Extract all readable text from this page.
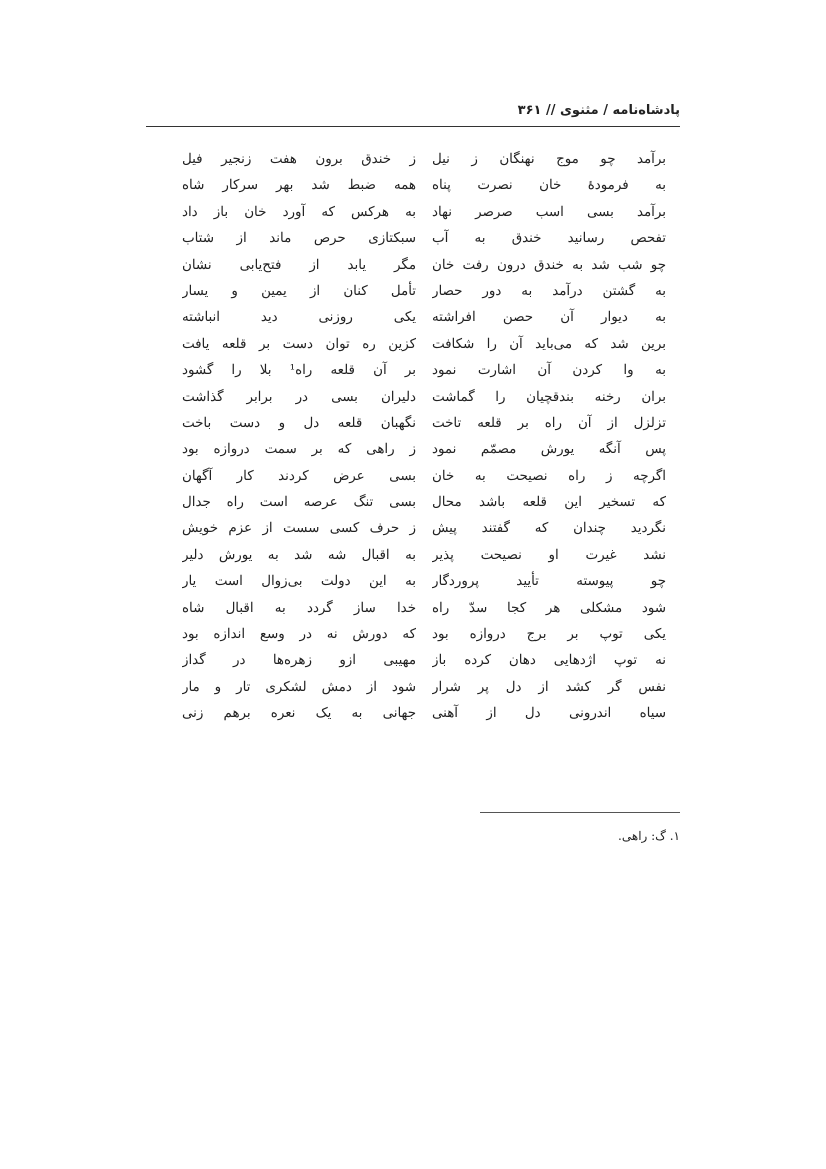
پادشاه‌نامه / مثنوی // ۳۶۱
برآمد چو موج نهنگان ز نیل
به فرمودهٔ خان نصرت پناه
برآمد بسی اسب صرصر نهاد
تفحص رسانید خندق به آب
چو شب شد به خندق درون رفت خان
به گشتن درآمد به دور حصار
به دیوار آن حصن افراشته
برین شد که می‌باید آن را شکافت
به وا کردن آن اشارت نمود
بران رخنه بندقچیان را گماشت
تزلزل از آن راه بر قلعه تاخت
پس آنگه یورش مصمّم نمود
اگرچه ز راه نصیحت به خان
که تسخیر این قلعه باشد محال
نگردید چندان که گفتند پیش
نشد غیرت او نصیحت پذیر
چو پیوسته تأیید پروردگار
شود مشکلی هر کجا سدّ راه
یکی توپ بر برج دروازه بود
نه توپ اژدهایی دهان کرده باز
نفس گر کشد از دل پر شرار
سیاه اندرونی دل از آهنی
ز خندق برون هفت زنجیر فیل
همه ضبط شد بهر سرکار شاه
به هرکس که آورد خان باز داد
سبکتازی حرص ماند از شتاب
مگر یابد از فتح‌یابی نشان
تأمل کنان از یمین و یسار
یکی روزنی دید انباشته
کزین ره توان دست بر قلعه یافت
بر آن قلعه راه¹ بلا را گشود
دلیران بسی در برابر گذاشت
نگهبان قلعه دل و دست باخت
ز راهی که بر سمت دروازه بود
بسی عرض کردند کار آگهان
بسی تنگ عرصه است راه جدال
ز حرف کسی سست از عزم خویش
به اقبال شه شد به یورش دلیر
به این دولت بی‌زوال است یار
خدا ساز گردد به اقبال شاه
که دورش نه در وسع اندازه بود
مهیبی ازو زهره‌ها در گداز
شود از دمش لشکری تار و مار
جهانی به یک نعره برهم زنی
۱. گ: راهی.
